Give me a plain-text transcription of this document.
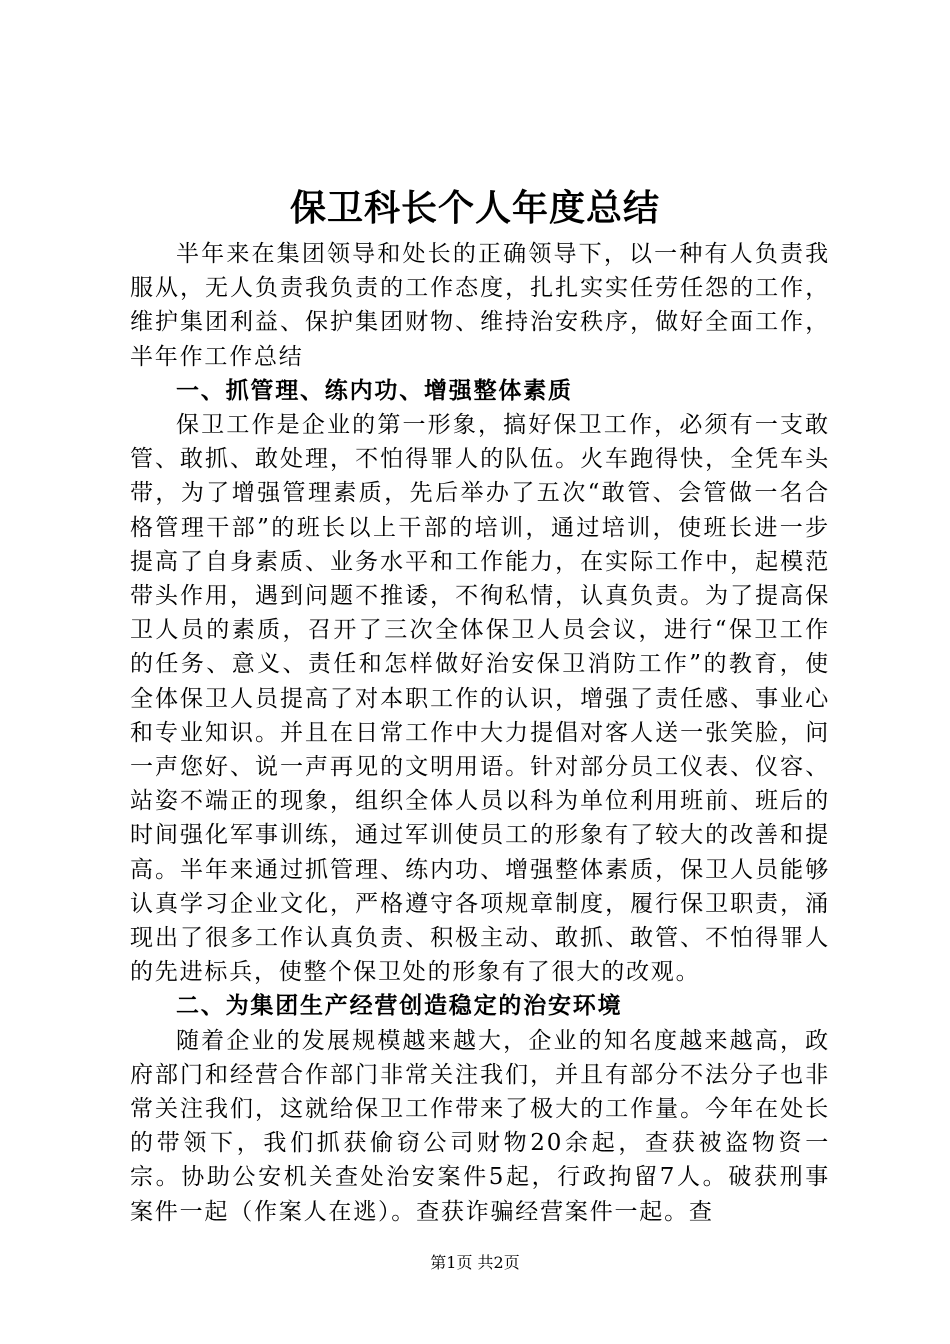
保卫科长个人年度总结

半年来在集团领导和处长的正确领导下，以一种有人负责我服从，无人负责我负责的工作态度，扎扎实实任劳任怨的工作，维护集团利益、保护集团财物、维持治安秩序，做好全面工作，半年作工作总结

一、抓管理、练内功、增强整体素质

保卫工作是企业的第一形象，搞好保卫工作，必须有一支敢管、敢抓、敢处理，不怕得罪人的队伍。火车跑得快，全凭车头带，为了增强管理素质，先后举办了五次“敢管、会管做一名合格管理干部”的班长以上干部的培训，通过培训，使班长进一步提高了自身素质、业务水平和工作能力，在实际工作中，起模范带头作用，遇到问题不推诿，不徇私情，认真负责。为了提高保卫人员的素质，召开了三次全体保卫人员会议，进行“保卫工作的任务、意义、责任和怎样做好治安保卫消防工作”的教育，使全体保卫人员提高了对本职工作的认识，增强了责任感、事业心和专业知识。并且在日常工作中大力提倡对客人送一张笑脸，问一声您好、说一声再见的文明用语。针对部分员工仪表、仪容、站姿不端正的现象，组织全体人员以科为单位利用班前、班后的时间强化军事训练，通过军训使员工的形象有了较大的改善和提高。半年来通过抓管理、练内功、增强整体素质，保卫人员能够认真学习企业文化，严格遵守各项规章制度，履行保卫职责，涌现出了很多工作认真负责、积极主动、敢抓、敢管、不怕得罪人的先进标兵，使整个保卫处的形象有了很大的改观。

二、为集团生产经营创造稳定的治安环境

随着企业的发展规模越来越大，企业的知名度越来越高，政府部门和经营合作部门非常关注我们，并且有部分不法分子也非常关注我们，这就给保卫工作带来了极大的工作量。今年在处长的带领下，我们抓获偷窃公司财物20余起，查获被盗物资一宗。协助公安机关查处治安案件5起，行政拘留7人。破获刑事案件一起（作案人在逃）。查获诈骗经营案件一起。查

第1页 共2页
